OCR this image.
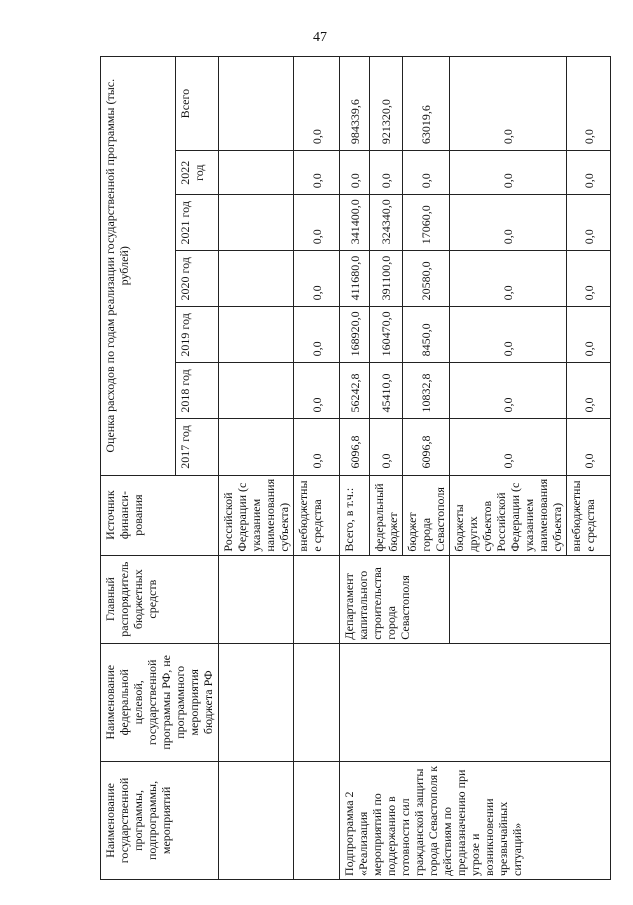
47
Наименование государственной программы, подпрограммы, мероприятий	Наименование федеральной целевой, государственной программы РФ, не программного мероприятия бюджета РФ	Главный распорядитель бюджетных средств	Источник финанси-рования	Оценка расходов по годам реализации государственной программы (тыс. рублей)						
				2017 год	2018 год	2019 год	2020 год	2021 год	2022 год	Всего
			Российской Федерации (с указанием наименования субъекта)							
			внебюджетные средства	0,0	0,0	0,0	0,0	0,0	0,0	0,0
Подпрограмма 2 «Реализация мероприятий по поддержанию в готовности сил гражданской защиты города Севастополя к действиям по предназначению при угрозе и возникновении чрезвычайных ситуаций»		Департамент капитального строительства города Севастополя	Всего, в т.ч.:	6096,8	56242,8	168920,0	411680,0	341400,0	0,0	984339,6
			федеральный бюджет	0,0	45410,0	160470,0	391100,0	324340,0	0,0	921320,0
			бюджет города Севастополя	6096,8	10832,8	8450,0	20580,0	17060,0	0,0	63019,6
			бюджеты других субъектов Российской Федерации (с указанием наименования субъекта)	0,0	0,0	0,0	0,0	0,0	0,0	0,0
			внебюджетные средства	0,0	0,0	0,0	0,0	0,0	0,0	0,0
